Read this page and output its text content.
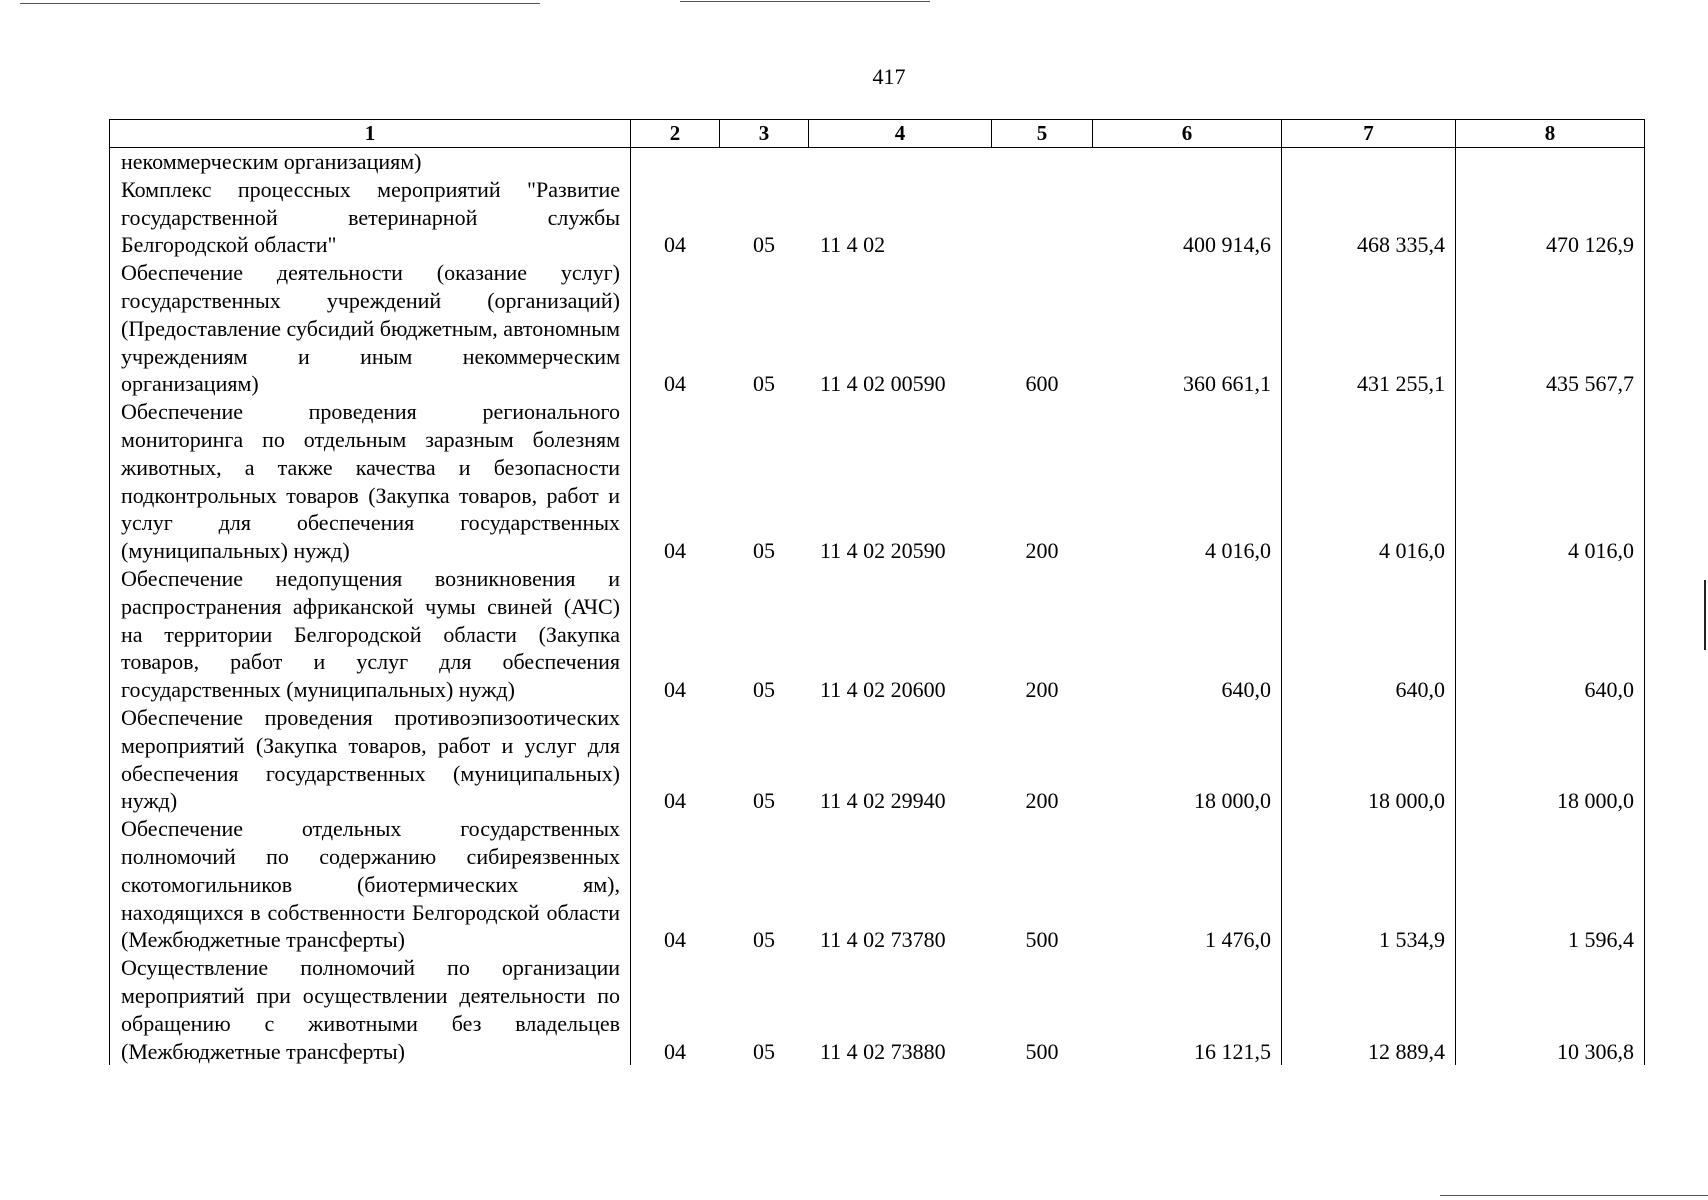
417
1	2	3	4	5	6	7	8
некоммерческим организациям)							
Комплекс процессных мероприятий "Развитие государственной ветеринарной службы Белгородской области"	04	05	11 4 02		400 914,6	468 335,4	470 126,9
Обеспечение деятельности (оказание услуг) государственных учреждений (организаций) (Предоставление субсидий бюджетным, автономным учреждениям и иным некоммерческим организациям)	04	05	11 4 02 00590	600	360 661,1	431 255,1	435 567,7
Обеспечение проведения регионального мониторинга по отдельным заразным болезням животных, а также качества и безопасности подконтрольных товаров (Закупка товаров, работ и услуг для обеспечения государственных (муниципальных) нужд)	04	05	11 4 02 20590	200	4 016,0	4 016,0	4 016,0
Обеспечение недопущения возникновения и распространения африканской чумы свиней (АЧС) на территории Белгородской области (Закупка товаров, работ и услуг для обеспечения государственных (муниципальных) нужд)	04	05	11 4 02 20600	200	640,0	640,0	640,0
Обеспечение проведения противоэпизоотических мероприятий (Закупка товаров, работ и услуг для обеспечения государственных (муниципальных) нужд)	04	05	11 4 02 29940	200	18 000,0	18 000,0	18 000,0
Обеспечение отдельных государственных полномочий по содержанию сибиреязвенных скотомогильников (биотермических ям), находящихся в собственности Белгородской области (Межбюджетные трансферты)	04	05	11 4 02 73780	500	1 476,0	1 534,9	1 596,4
Осуществление полномочий по организации мероприятий при осуществлении деятельности по обращению с животными без владельцев (Межбюджетные трансферты)	04	05	11 4 02 73880	500	16 121,5	12 889,4	10 306,8
